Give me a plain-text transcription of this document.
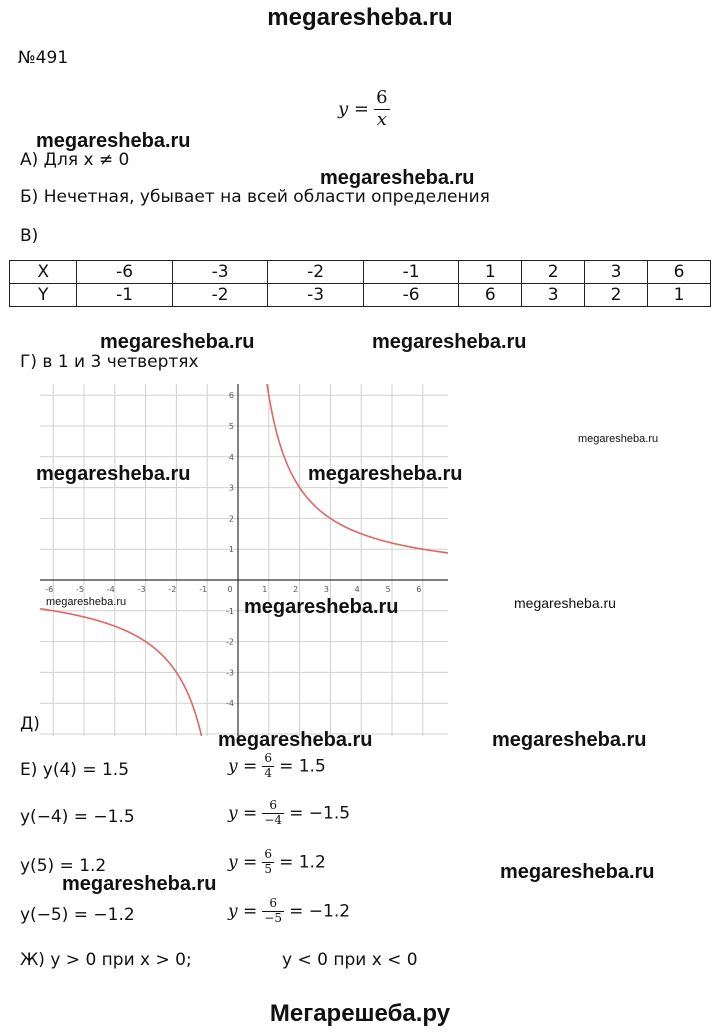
megaresheba.ru
№491
$y = \frac{6}{x}$
megaresheba.ru
А) Для x ≠ 0
megaresheba.ru
Б) Нечетная, убывает на всей области определения
В)
X	-6	-3	-2	-1	1	2	3	6
Y	-1	-2	-3	-6	6	3	2	1
megaresheba.ru	megaresheba.ru
Г) в 1 и 3 четвертях
-6	-5	-4	-3	-2	-1	0	1	2	3	4	5	6
6
5
4
3
2
1
-1
-2
-3
-4
megaresheba.ru	megaresheba.ru
megaresheba.ru
megaresheba.ru	megaresheba.ru	megaresheba.ru
Д)
megaresheba.ru	megaresheba.ru
Е) y(4) = 1.5	$y = \frac{6}{4} = 1.5$
y(−4) = −1.5	$y = \frac{6}{-4} = -1.5$
y(5) = 1.2	$y = \frac{6}{5} = 1.2$
megaresheba.ru
megaresheba.ru
y(−5) = −1.2	$y = \frac{6}{-5} = -1.2$
Ж) y > 0 при x > 0;	y < 0 при x < 0
Мегарешеба.ру
